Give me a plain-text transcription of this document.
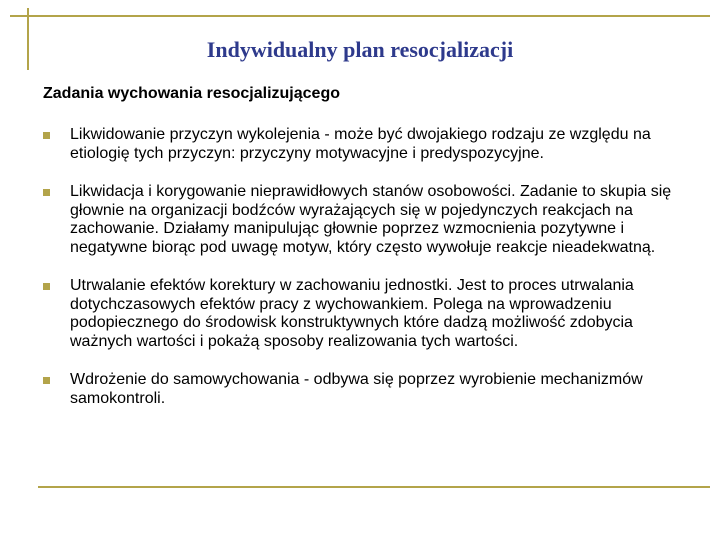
Indywidualny plan resocjalizacji

Zadania wychowania resocjalizującego

Likwidowanie przyczyn wykolejenia - może być dwojakiego rodzaju ze względu na etiologię tych przyczyn: przyczyny motywacyjne i predyspozycyjne.
Likwidacja i korygowanie nieprawidłowych stanów osobowości. Zadanie to skupia się głownie na organizacji bodźców wyrażających się w pojedynczych reakcjach na zachowanie. Działamy manipulując głownie poprzez wzmocnienia pozytywne i negatywne biorąc pod uwagę motyw, który często wywołuje reakcje nieadekwatną.
Utrwalanie efektów korektury w zachowaniu jednostki. Jest to proces utrwalania dotychczasowych efektów pracy z wychowankiem. Polega na wprowadzeniu podopiecznego do środowisk konstruktywnych które dadzą możliwość zdobycia ważnych wartości i pokażą sposoby realizowania tych wartości.
Wdrożenie do samowychowania - odbywa się poprzez wyrobienie mechanizmów samokontroli.
